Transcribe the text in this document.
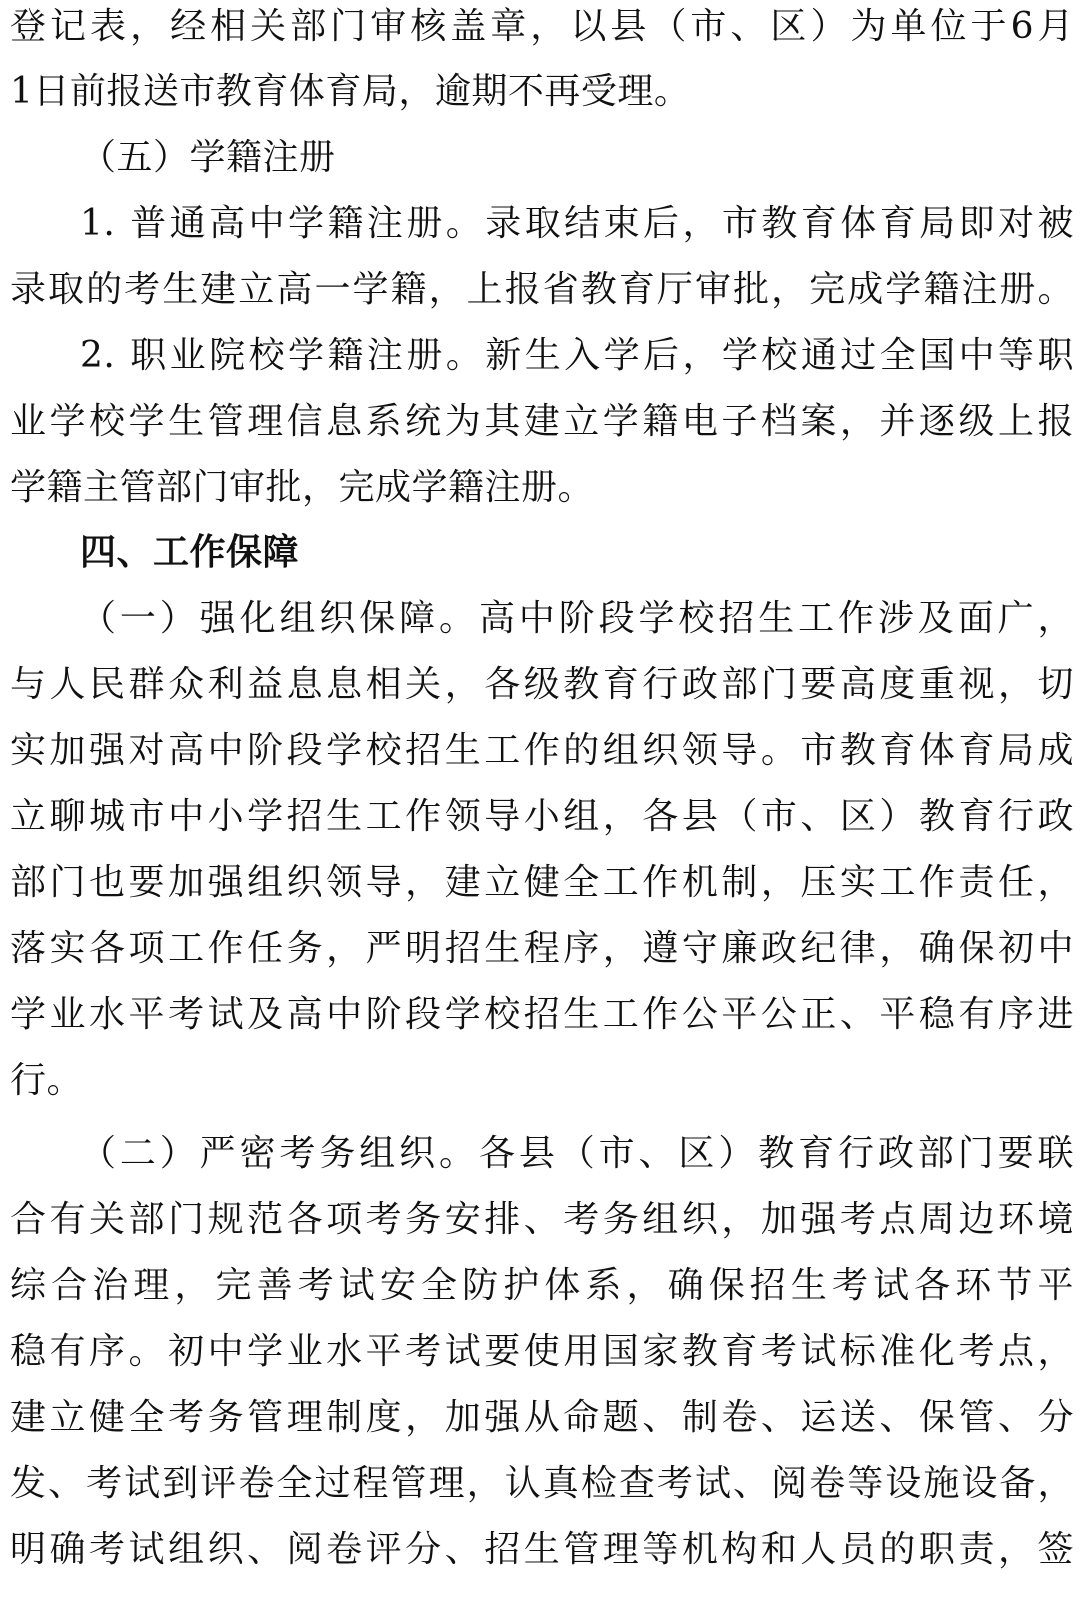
登记表，经相关部门审核盖章，以县（市、区）为单位于6月
1日前报送市教育体育局，逾期不再受理。
（五）学籍注册
1. 普通高中学籍注册。录取结束后，市教育体育局即对被
录取的考生建立高一学籍，上报省教育厅审批，完成学籍注册。
2. 职业院校学籍注册。新生入学后，学校通过全国中等职
业学校学生管理信息系统为其建立学籍电子档案，并逐级上报
学籍主管部门审批，完成学籍注册。
四、工作保障
（一）强化组织保障。高中阶段学校招生工作涉及面广，
与人民群众利益息息相关，各级教育行政部门要高度重视，切
实加强对高中阶段学校招生工作的组织领导。市教育体育局成
立聊城市中小学招生工作领导小组，各县（市、区）教育行政
部门也要加强组织领导，建立健全工作机制，压实工作责任，
落实各项工作任务，严明招生程序，遵守廉政纪律，确保初中
学业水平考试及高中阶段学校招生工作公平公正、平稳有序进
行。
（二）严密考务组织。各县（市、区）教育行政部门要联
合有关部门规范各项考务安排、考务组织，加强考点周边环境
综合治理，完善考试安全防护体系，确保招生考试各环节平
稳有序。初中学业水平考试要使用国家教育考试标准化考点，
建立健全考务管理制度，加强从命题、制卷、运送、保管、分
发、考试到评卷全过程管理，认真检查考试、阅卷等设施设备，
明确考试组织、阅卷评分、招生管理等机构和人员的职责，签
